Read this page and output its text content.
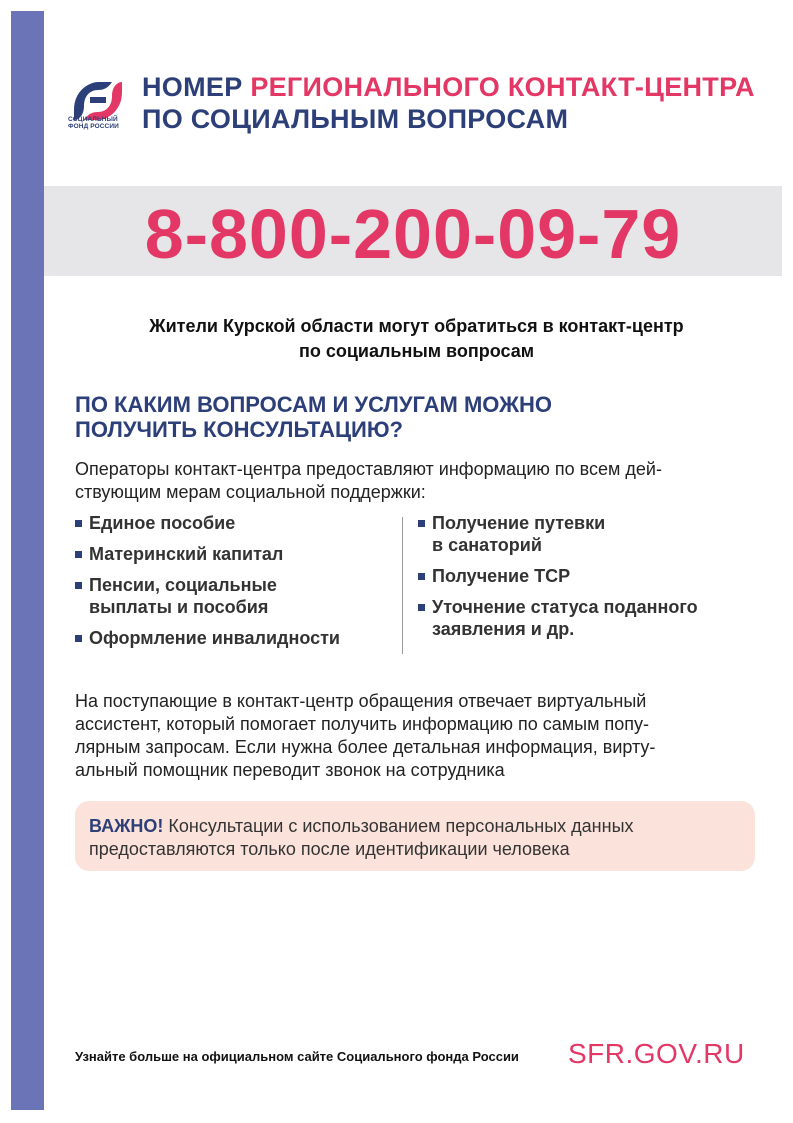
СОЦИАЛЬНЫЙ
ФОНД РОССИИ
НОМЕР РЕГИОНАЛЬНОГО КОНТАКТ-ЦЕНТРА
ПО СОЦИАЛЬНЫМ ВОПРОСАМ
8-800-200-09-79
Жители Курской области могут обратиться в контакт-центр
по социальным вопросам
ПО КАКИМ ВОПРОСАМ И УСЛУГАМ МОЖНО
ПОЛУЧИТЬ КОНСУЛЬТАЦИЮ?
Операторы контакт-центра предоставляют информацию по всем дей-
ствующим мерам социальной поддержки:
Единое пособие
Материнский капитал
Пенсии, социальные
выплаты и пособия
Оформление инвалидности
Получение путевки
в санаторий
Получение ТСР
Уточнение статуса поданного
заявления и др.
На поступающие в контакт-центр обращения отвечает виртуальный
ассистент, который помогает получить информацию по самым попу-
лярным запросам. Если нужна более детальная информация, вирту-
альный помощник переводит звонок на сотрудника
ВАЖНО! Консультации с использованием персональных данных
предоставляются только после идентификации человека
Узнайте больше на официальном сайте Социального фонда России	SFR.GOV.RU
